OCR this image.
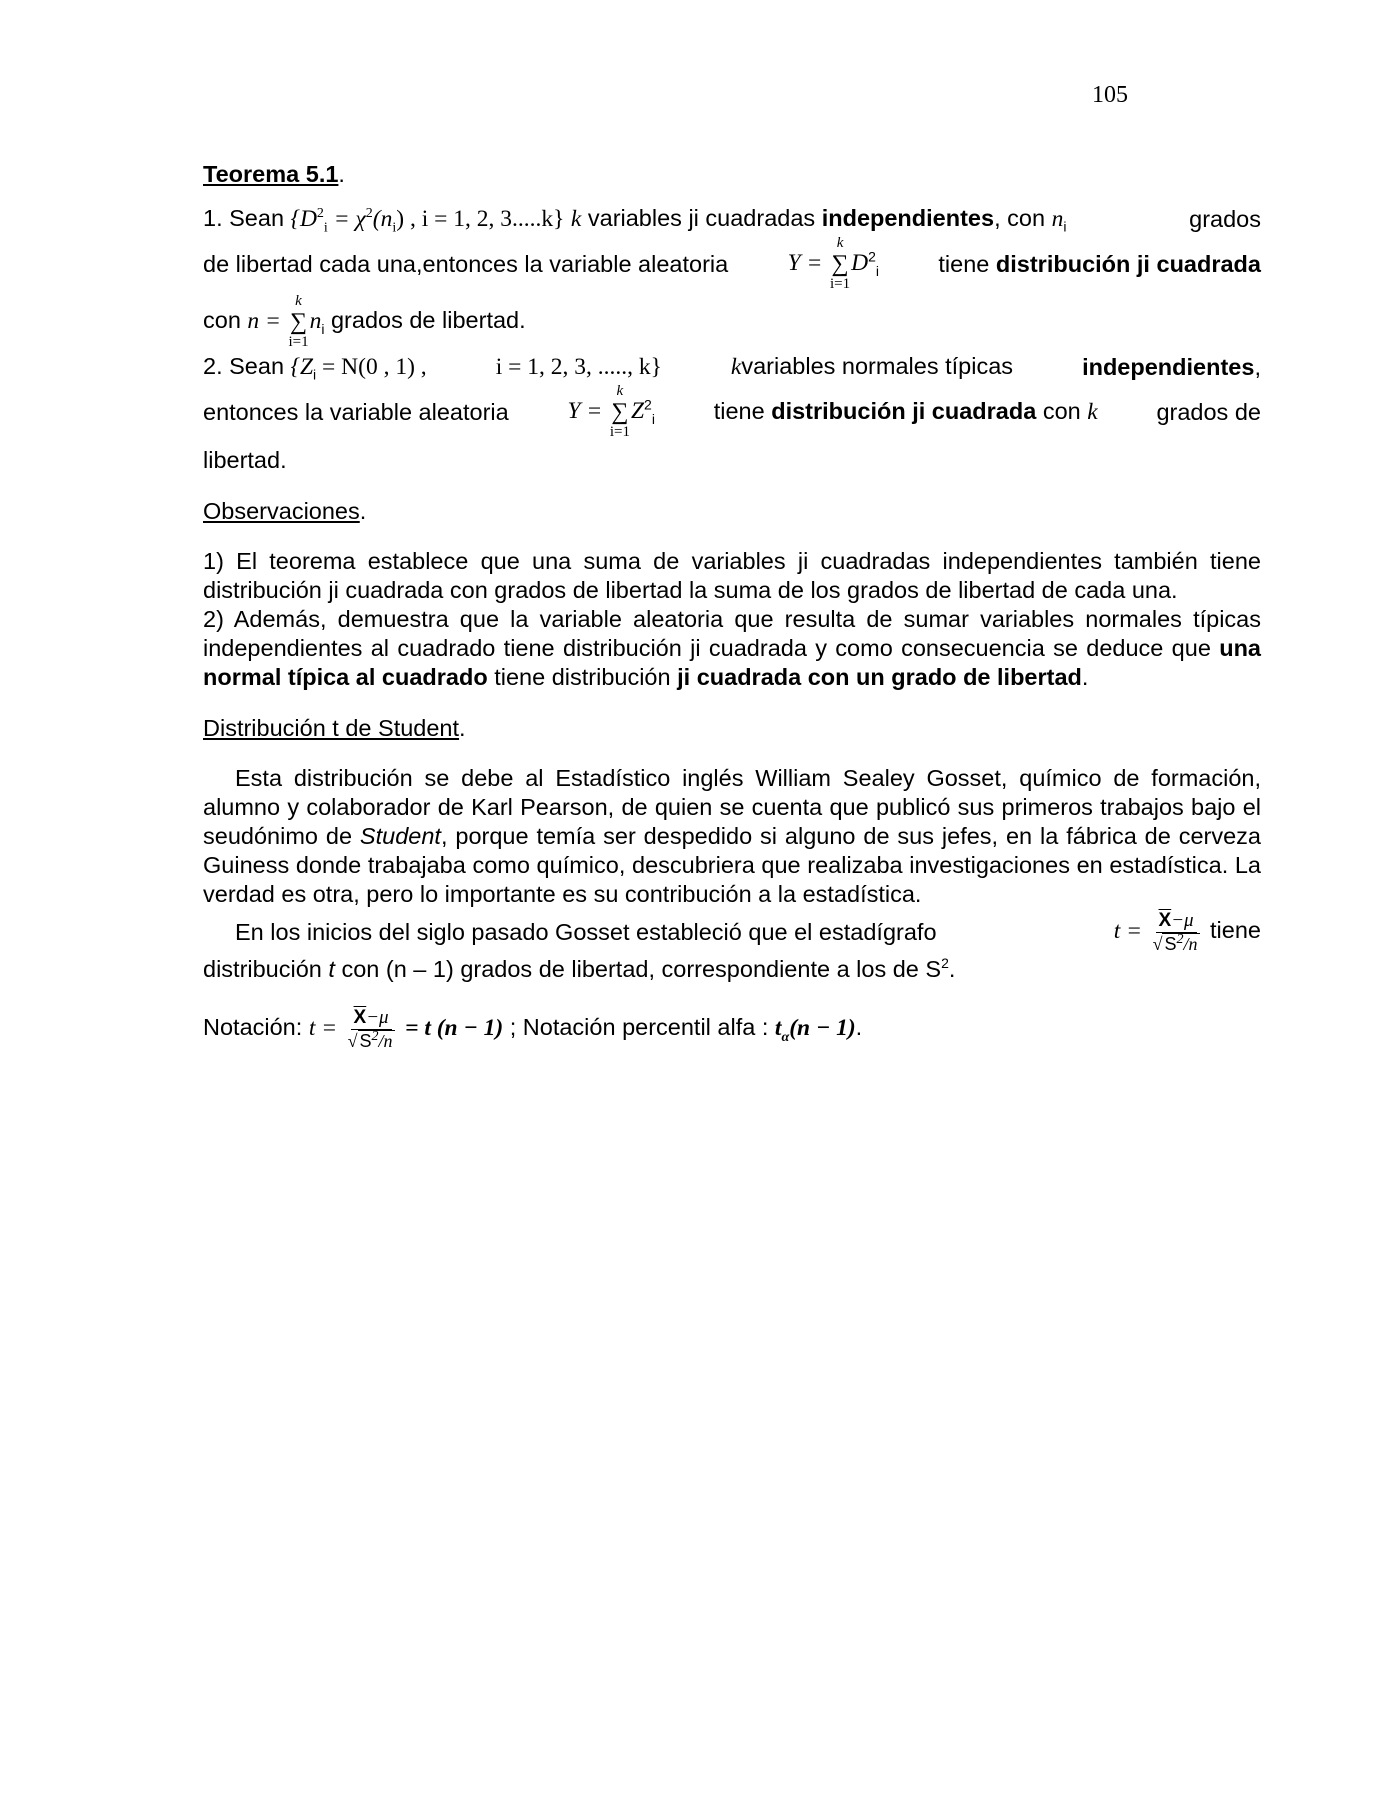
105
Teorema 5.1.
1. Sean {$D^2_i = \chi^2(n_i)$ , i = 1, 2, 3.....k} k variables ji cuadradas independientes, con $n_i$	grados
de libertad cada una,entonces la variable aleatoria	Y =
k
∑
i=1
$D^2_i$	tiene distribución ji cuadrada
con n =
k
∑
i=1
$n_i$ grados de libertad.
2. Sean {$Z_i = N(0$ , 1) ,	i = 1, 2, 3, ....., k}	kvariables normales típicas	independientes,
entonces la variable aleatoria	Y =
k
∑
i=1
$Z^2_i$	tiene distribución ji cuadrada con k	grados de
libertad.
Observaciones.

1) El teorema establece que una suma de variables ji cuadradas independientes también tiene distribución ji cuadrada con grados de libertad la suma de los grados de libertad de cada una.

2) Además, demuestra que la variable aleatoria que resulta de sumar variables normales típicas independientes al cuadrado tiene distribución ji cuadrada y como consecuencia se deduce que una normal típica al cuadrado tiene distribución ji cuadrada con un grado de libertad.

Distribución t de Student.

Esta distribución se debe al Estadístico inglés William Sealey Gosset, químico de formación, alumno y colaborador de Karl Pearson, de quien se cuenta que publicó sus primeros trabajos bajo el seudónimo de Student, porque temía ser despedido si alguno de sus jefes, en la fábrica de cerveza Guiness donde trabajaba como químico, descubriera que realizaba investigaciones en estadística. La verdad es otra, pero lo importante es su contribución a la estadística.

En los inicios del siglo pasado Gosset estableció que el estadígrafo	$t = \frac{\overline{X}-\mu}{√ S^2/n}$ tiene
distribución t con (n – 1) grados de libertad, correspondiente a los de $S^2$.
Notación: $t = \frac{\overline{X}-\mu}{√ S^2/n} = t$ (n − 1) ; Notación percentil alfa : $t_\alpha(n - 1)$.
